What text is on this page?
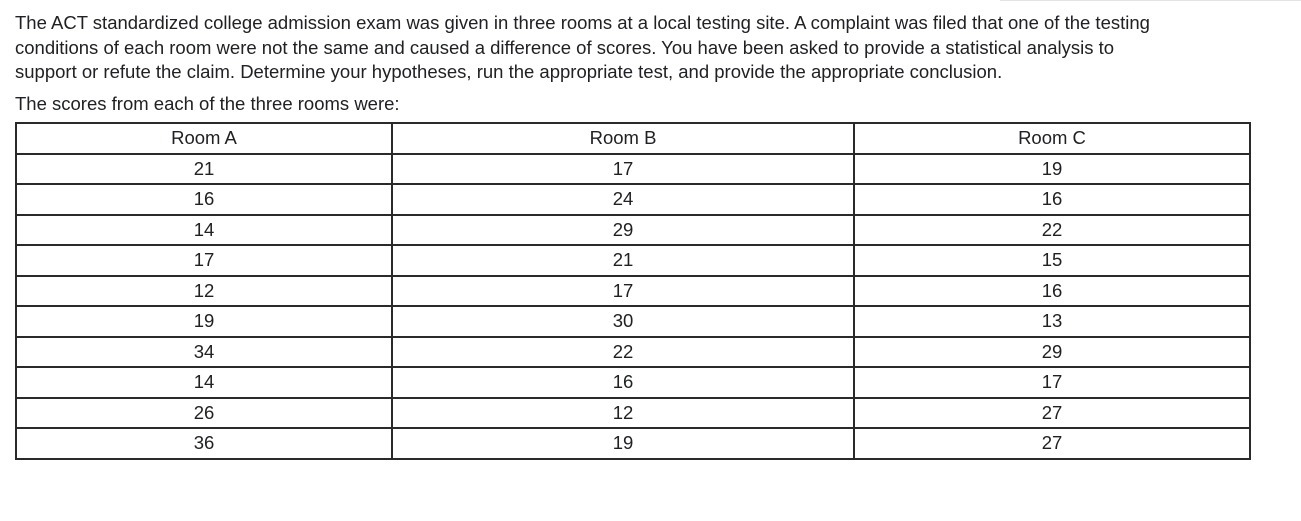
The ACT standardized college admission exam was given in three rooms at a local testing site. A complaint was filed that one of the testing
conditions of each room were not the same and caused a difference of scores. You have been asked to provide a statistical analysis to
support or refute the claim. Determine your hypotheses, run the appropriate test, and provide the appropriate conclusion.
The scores from each of the three rooms were:
Room A	Room B	Room C
21	17	19
16	24	16
14	29	22
17	21	15
12	17	16
19	30	13
34	22	29
14	16	17
26	12	27
36	19	27
